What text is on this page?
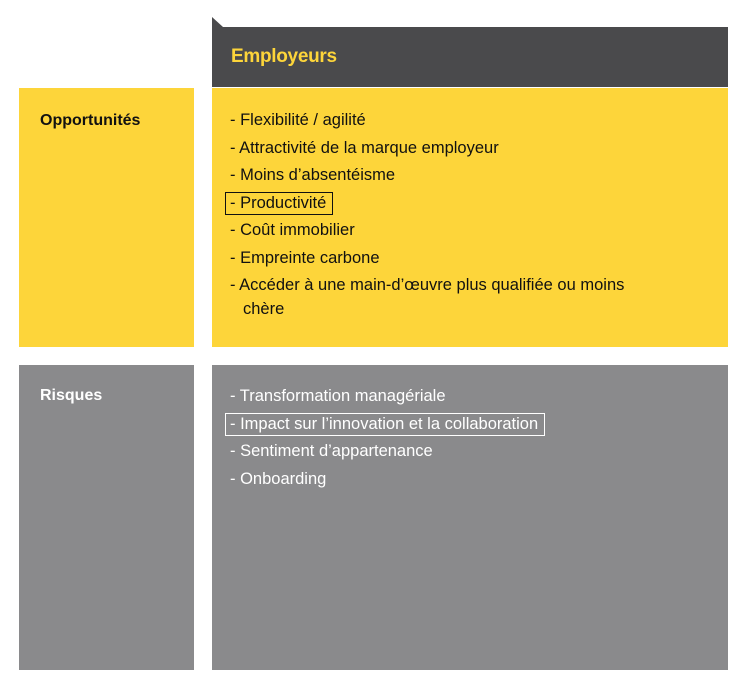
Employeurs
Opportunités	- Flexibilité / agilité
- Attractivité de la marque employeur
- Moins d’absentéisme
- Productivité
- Coût immobilier
- Empreinte carbone
- Accéder à une main-d’œuvre plus qualifiée ou moins chère
Risques	- Transformation managériale
- Impact sur l’innovation et la collaboration
- Sentiment d’appartenance
- Onboarding
